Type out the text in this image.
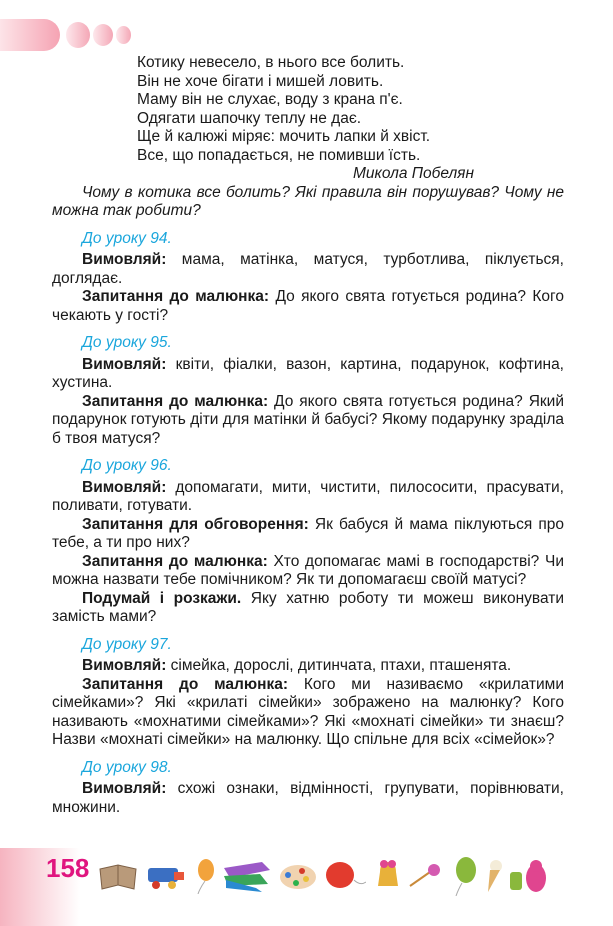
Котику невесело, в нього все болить.
Він не хоче бігати і мишей ловить.
Маму він не слухає, воду з крана п'є.
Одягати шапочку теплу не дає.
Ще й калюжі міряє: мочить лапки й хвіст.
Все, що попадається, не помивши їсть.
Микола Побелян

Чому в котика все болить? Які правила він порушував? Чому не можна так робити?

До уроку 94.

Вимовляй: мама, матінка, матуся, турботлива, піклується, доглядає.

Запитання до малюнка: До якого свята готується родина? Кого чекають у гості?

До уроку 95.

Вимовляй: квіти, фіалки, вазон, картина, подарунок, кофтина, хустина.

Запитання до малюнка: До якого свята готується родина? Який подарунок готують діти для матінки й бабусі? Якому подарунку зраділа б твоя матуся?

До уроку 96.

Вимовляй: допомагати, мити, чистити, пилососити, прасувати, поливати, готувати.

Запитання для обговорення: Як бабуся й мама піклуються про тебе, а ти про них?

Запитання до малюнка: Хто допомагає мамі в господарстві? Чи можна назвати тебе помічником? Як ти допомагаєш своїй матусі?

Подумай і розкажи. Яку хатню роботу ти можеш виконувати замість мами?

До уроку 97.

Вимовляй: сімейка, дорослі, дитинчата, птахи, пташенята.

Запитання до малюнка: Кого ми називаємо «крилатими сімейками»? Які «крилаті сімейки» зображено на малюнку? Кого називають «мохнатими сімейками»? Які «мохнаті сімейки» ти знаєш? Назви «мохнаті сімейки» на малюнку. Що спільне для всіх «сімейок»?

До уроку 98.

Вимовляй: схожі ознаки, відмінності, групувати, порівнювати, множини.

158
